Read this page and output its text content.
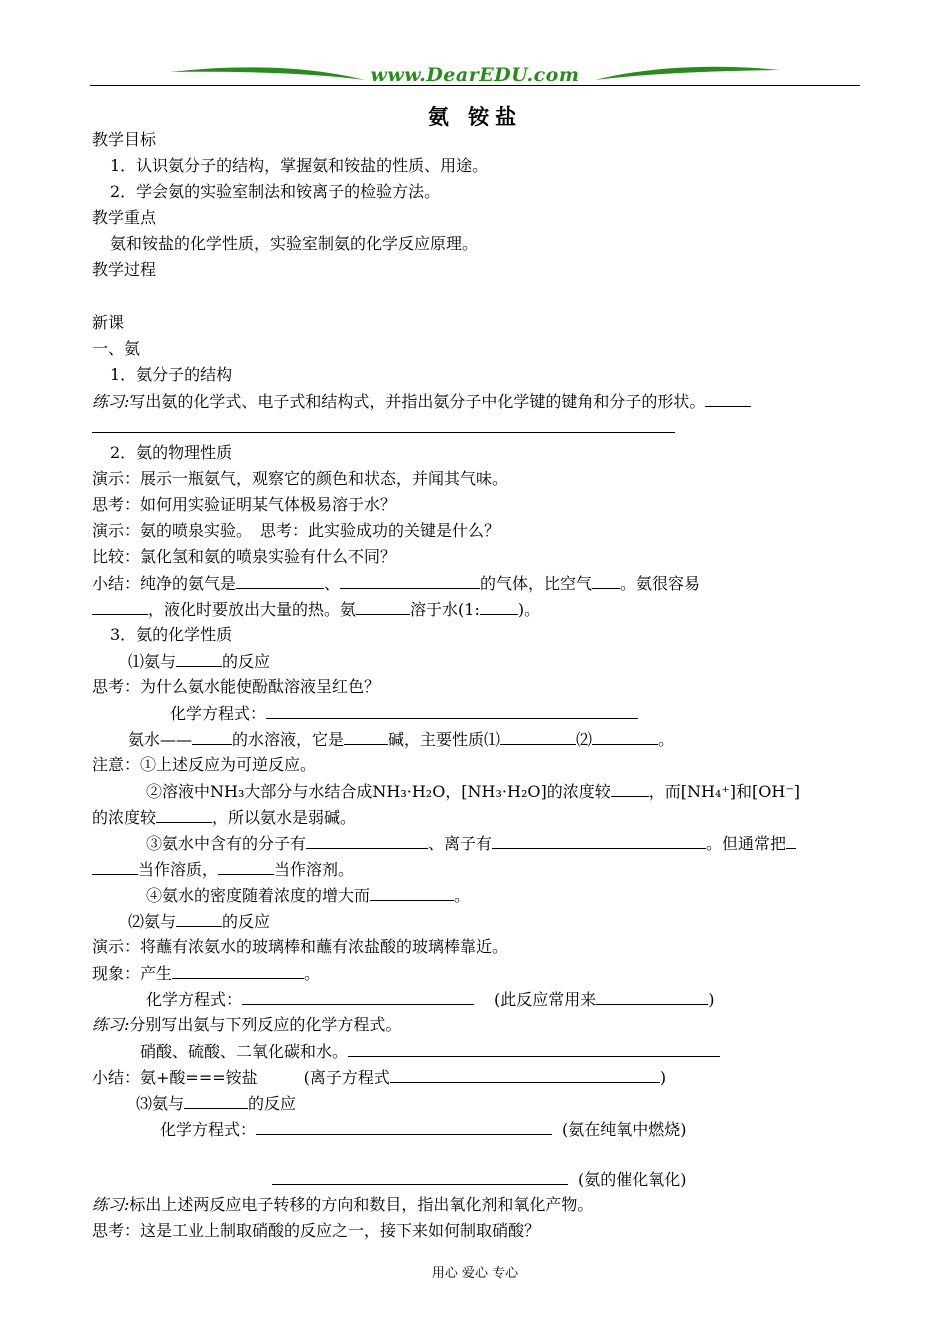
www.DearEDU.com
氨 铵盐
教学目标
1．认识氨分子的结构，掌握氨和铵盐的性质、用途。
2．学会氨的实验室制法和铵离子的检验方法。
教学重点
氨和铵盐的化学性质，实验室制氨的化学反应原理。
教学过程
新课
一、氨
1．氨分子的结构
练习:写出氨的化学式、电子式和结构式，并指出氨分子中化学键的键角和分子的形状。
2．氨的物理性质
演示：展示一瓶氨气，观察它的颜色和状态，并闻其气味。
思考：如何用实验证明某气体极易溶于水？
演示：氨的喷泉实验。　思考：此实验成功的关键是什么？
比较：氯化氢和氨的喷泉实验有什么不同？
小结：纯净的氨气是	、	的气体，比空气 。氨很容易
，液化时要放出大量的热。氨	溶于水(1: )。
3．氨的化学性质
⑴氨与	的反应
思考：为什么氨水能使酚酞溶液呈红色？
化学方程式：
氨水——	的水溶液，它是	碱，主要性质⑴	⑵	。
注意：①上述反应为可逆反应。
②溶液中NH₃大部分与水结合成NH₃·H₂O，[NH₃·H₂O]的浓度较 ，而[NH₄⁺]和[OH⁻]
的浓度较	，所以氨水是弱碱。
③氨水中含有的分子有	、离子有	。但通常把
当作溶质，	当作溶剂。
④氨水的密度随着浓度的增大而	。
⑵氨与	的反应
演示：将蘸有浓氨水的玻璃棒和蘸有浓盐酸的玻璃棒靠近。
现象：产生	。
化学方程式：	(此反应常用来	)
练习:分别写出氨与下列反应的化学方程式。
硝酸、硫酸、二氧化碳和水。
小结：氨+酸===铵盐	(离子方程式	)
⑶氨与	的反应
化学方程式：	(氨在纯氧中燃烧)
(氨的催化氧化)
练习:标出上述两反应电子转移的方向和数目，指出氧化剂和氧化产物。
思考：这是工业上制取硝酸的反应之一，接下来如何制取硝酸？
用心 爱心 专心
